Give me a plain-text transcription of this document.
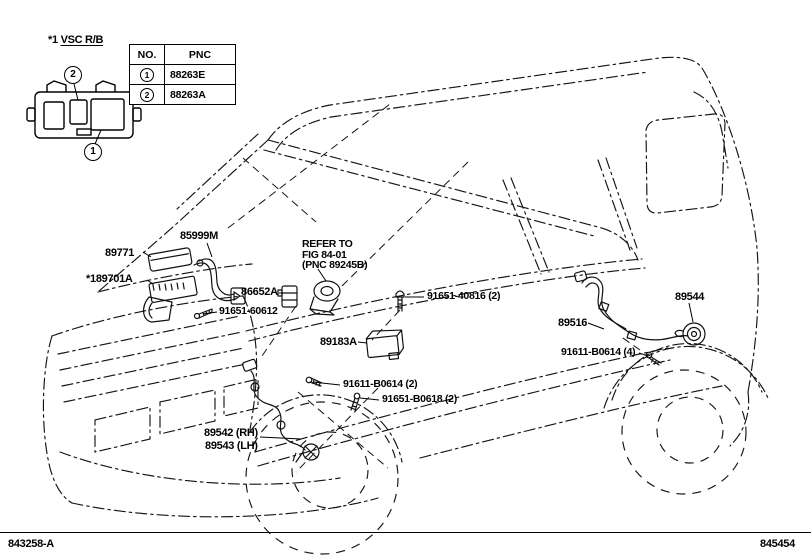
*1 VSC R/B
2
1
NO.	PNC
1	88263E
2	88263A
89771
85999M
*189701A
86652A
91651-60612
REFER TO
FIG 84-01
(PNC 89245B)
91651-40816 (2)
89183A
89516
89544
91611-B0614 (4)
91611-B0614 (2)
91651-B0618 (2)
89542 (RH)
89543 (LH)
843258-A	845454
